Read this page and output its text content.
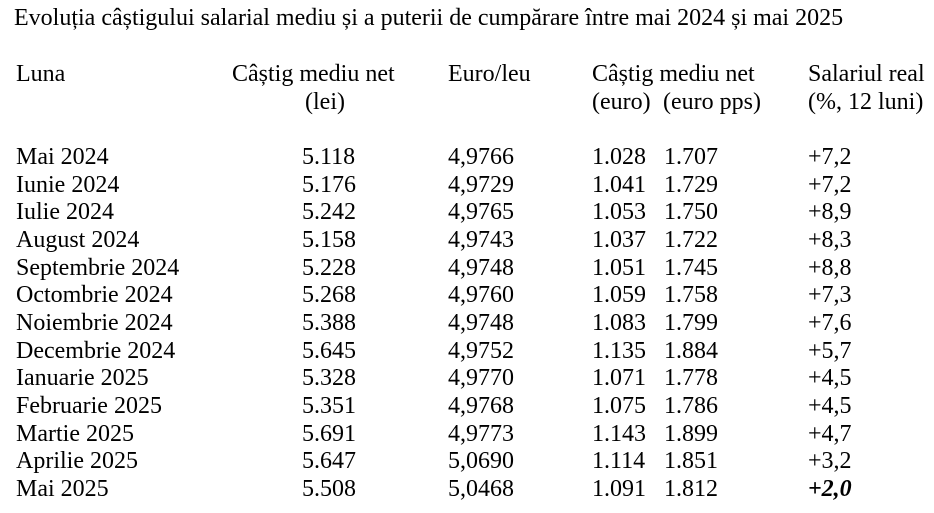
Evoluția câștigului salarial mediu și a puterii de cumpărare între mai 2024 și mai 2025
Luna	Câștig mediu net
(lei)
Euro/leu	Câștig mediu net
(euro) (euro pps)
Salariul real
(%, 12 luni)
Mai 2024	5.118	4,9766	1.028 1.707	+7,2
Iunie 2024	5.176	4,9729	1.041 1.729	+7,2
Iulie 2024	5.242	4,9765	1.053 1.750	+8,9
August 2024	5.158	4,9743	1.037 1.722	+8,3
Septembrie 2024	5.228	4,9748	1.051 1.745	+8,8
Octombrie 2024	5.268	4,9760	1.059 1.758	+7,3
Noiembrie 2024	5.388	4,9748	1.083 1.799	+7,6
Decembrie 2024	5.645	4,9752	1.135 1.884	+5,7
Ianuarie 2025	5.328	4,9770	1.071 1.778	+4,5
Februarie 2025	5.351	4,9768	1.075 1.786	+4,5
Martie 2025	5.691	4,9773	1.143 1.899	+4,7
Aprilie 2025	5.647	5,0690	1.114 1.851	+3,2
Mai 2025	5.508	5,0468	1.091 1.812	+2,0
